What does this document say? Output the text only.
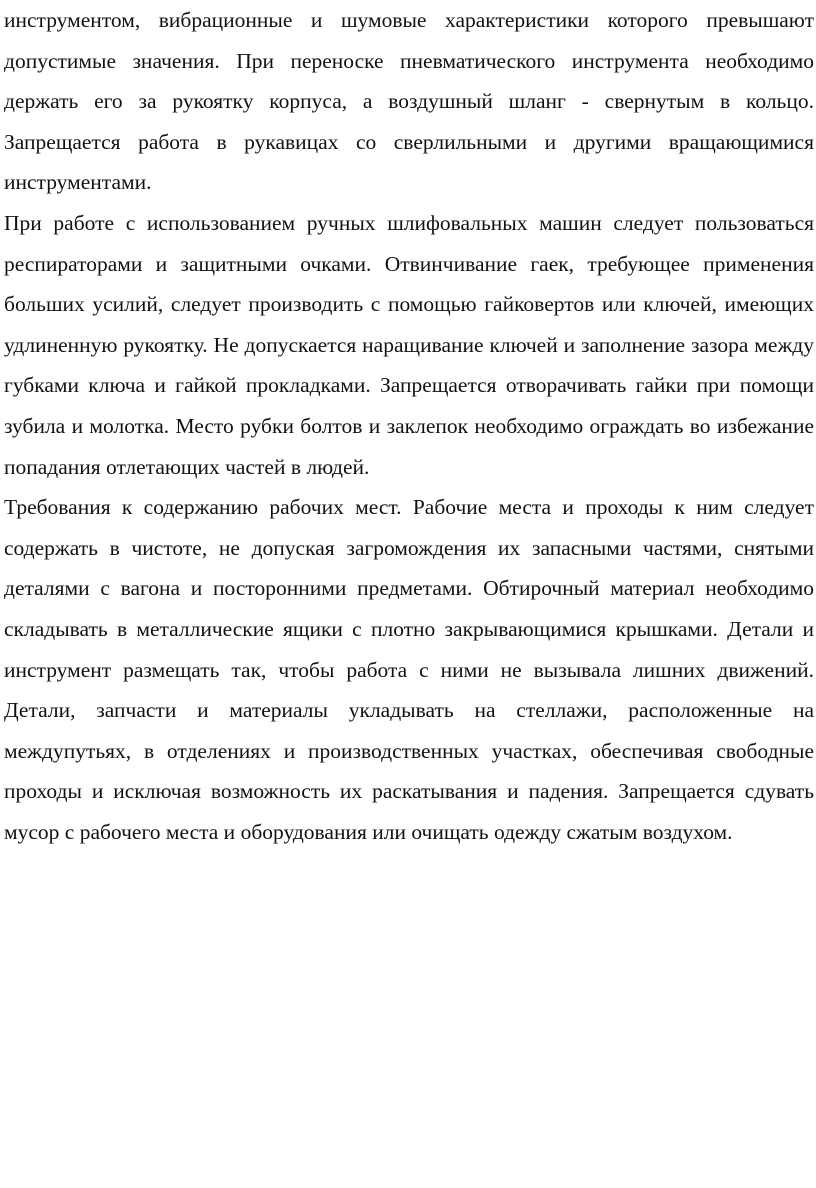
инструментом, вибрационные и шумовые характеристики которого превышают допустимые значения. При переноске пневматического инструмента необходимо держать его за рукоятку корпуса, а воздушный шланг - свернутым в кольцо. Запрещается работа в рукавицах со сверлильными и другими вращающимися инструментами.

При работе с использованием ручных шлифовальных машин следует пользоваться респираторами и защитными очками. Отвинчивание гаек, требующее применения больших усилий, следует производить с помощью гайковертов или ключей, имеющих удлиненную рукоятку. Не допускается наращивание ключей и заполнение зазора между губками ключа и гайкой прокладками. Запрещается отворачивать гайки при помощи зубила и молотка. Место рубки болтов и заклепок необходимо ограждать во избежание попадания отлетающих частей в людей.

Требования к содержанию рабочих мест. Рабочие места и проходы к ним следует содержать в чистоте, не допуская загромождения их запасными частями, снятыми деталями с вагона и посторонними предметами. Обтирочный материал необходимо складывать в металлические ящики с плотно закрывающимися крышками. Детали и инструмент размещать так, чтобы работа с ними не вызывала лишних движений. Детали, запчасти и материалы укладывать на стеллажи, расположенные на междупутьях, в отделениях и производственных участках, обеспечивая свободные проходы и исключая возможность их раскатывания и падения. Запрещается сдувать мусор с рабочего места и оборудования или очищать одежду сжатым воздухом.
